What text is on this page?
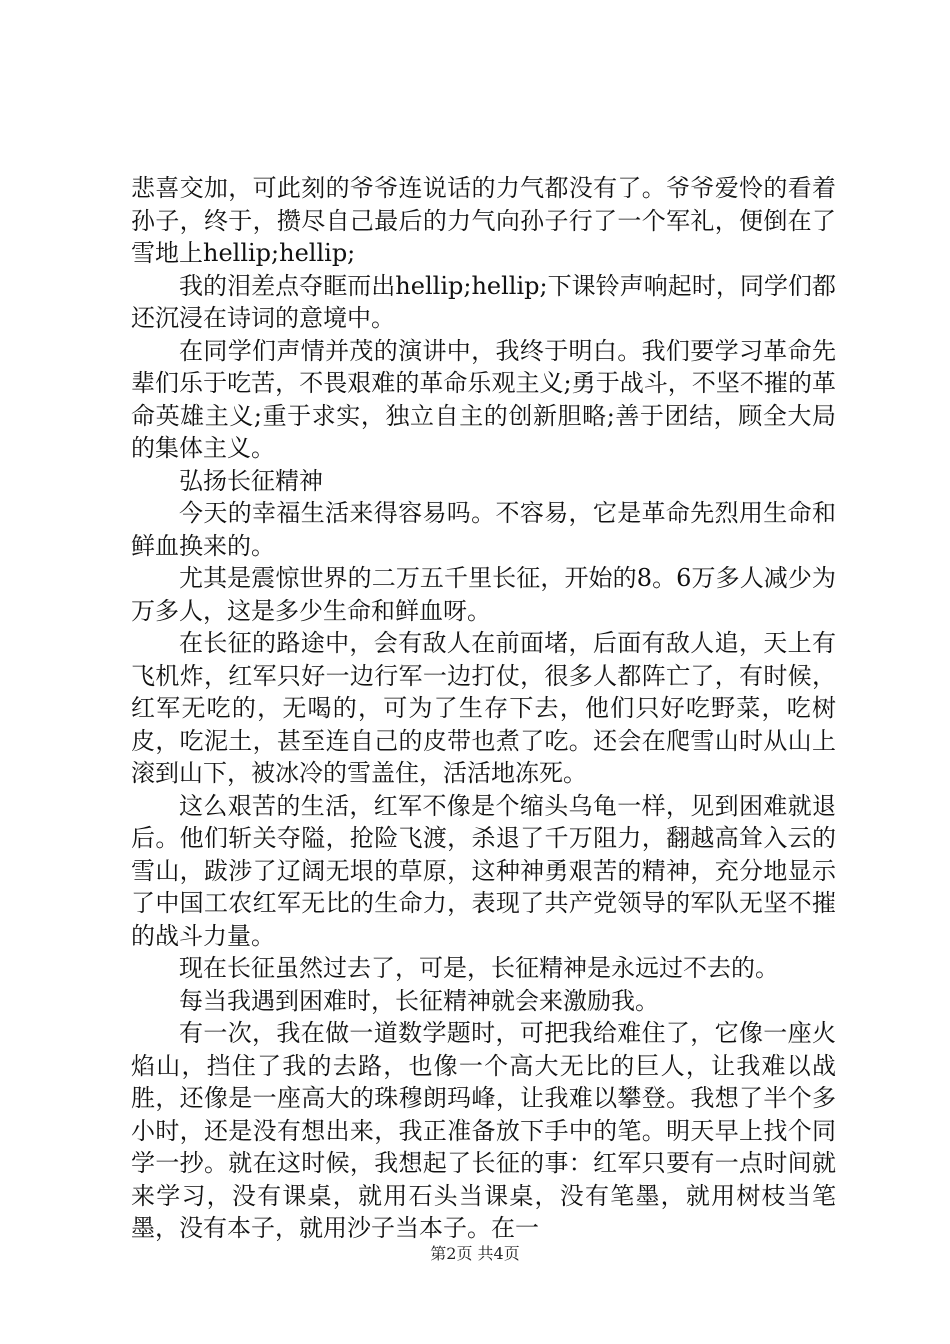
悲喜交加，可此刻的爷爷连说话的力气都没有了。爷爷爱怜的看着孙子，终于，攒尽自己最后的力气向孙子行了一个军礼，便倒在了雪地上hellip;hellip;

我的泪差点夺眶而出hellip;hellip;下课铃声响起时，同学们都还沉浸在诗词的意境中。

在同学们声情并茂的演讲中，我终于明白。我们要学习革命先辈们乐于吃苦，不畏艰难的革命乐观主义;勇于战斗，不坚不摧的革命英雄主义;重于求实，独立自主的创新胆略;善于团结，顾全大局的集体主义。

弘扬长征精神

今天的幸福生活来得容易吗。不容易，它是革命先烈用生命和鲜血换来的。

尤其是震惊世界的二万五千里长征，开始的8。6万多人减少为万多人，这是多少生命和鲜血呀。

在长征的路途中，会有敌人在前面堵，后面有敌人追，天上有飞机炸，红军只好一边行军一边打仗，很多人都阵亡了，有时候，红军无吃的，无喝的，可为了生存下去，他们只好吃野菜，吃树皮，吃泥土，甚至连自己的皮带也煮了吃。还会在爬雪山时从山上滚到山下，被冰冷的雪盖住，活活地冻死。

这么艰苦的生活，红军不像是个缩头乌龟一样，见到困难就退后。他们斩关夺隘，抢险飞渡，杀退了千万阻力，翻越高耸入云的雪山，跋涉了辽阔无垠的草原，这种神勇艰苦的精神，充分地显示了中国工农红军无比的生命力，表现了共产党领导的军队无坚不摧的战斗力量。

现在长征虽然过去了，可是，长征精神是永远过不去的。

每当我遇到困难时，长征精神就会来激励我。

有一次，我在做一道数学题时，可把我给难住了，它像一座火焰山，挡住了我的去路，也像一个高大无比的巨人，让我难以战胜，还像是一座高大的珠穆朗玛峰，让我难以攀登。我想了半个多小时，还是没有想出来，我正准备放下手中的笔。明天早上找个同学一抄。就在这时候，我想起了长征的事：红军只要有一点时间就来学习，没有课桌，就用石头当课桌，没有笔墨，就用树枝当笔墨，没有本子，就用沙子当本子。在一

第2页 共4页
